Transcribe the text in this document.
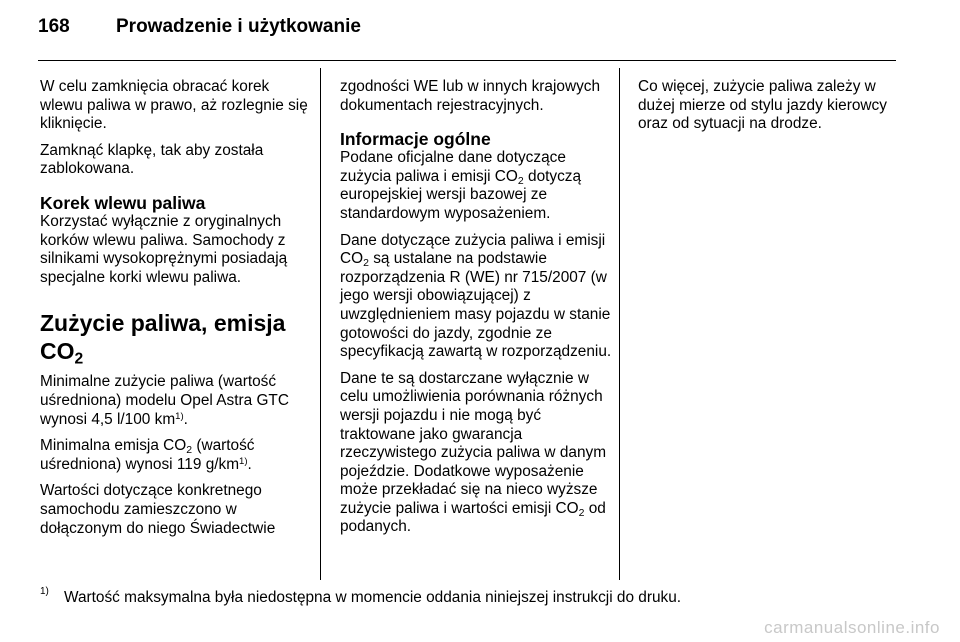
168	Prowadzenie i użytkowanie

W celu zamknięcia obracać korek wlewu paliwa w prawo, aż rozlegnie się kliknięcie.

Zamknąć klapkę, tak aby została zablokowana.

Korek wlewu paliwa

Korzystać wyłącznie z oryginalnych korków wlewu paliwa. Samochody z silnikami wysokoprężnymi posiadają specjalne korki wlewu paliwa.

Zużycie paliwa, emisja
$CO_2$

Minimalne zużycie paliwa (wartość uśredniona) modelu Opel Astra GTC wynosi 4,5 l/100 $km^{1)}$.

Minimalna emisja $CO_2$ (wartość uśredniona) wynosi 119 $g/km^{1)}$.

Wartości dotyczące konkretnego samochodu zamieszczono w dołączonym do niego Świadectwie

zgodności WE lub w innych krajowych dokumentach rejestracyjnych.

Informacje ogólne

Podane oficjalne dane dotyczące zużycia paliwa i emisji $CO_2$ dotyczą europejskiej wersji bazowej ze standardowym wyposażeniem.

Dane dotyczące zużycia paliwa i emisji $CO_2$ są ustalane na podstawie rozporządzenia R (WE) nr 715/2007 (w jego wersji obowiązującej) z uwzględnieniem masy pojazdu w stanie gotowości do jazdy, zgodnie ze specyfikacją zawartą w rozporządzeniu.

Dane te są dostarczane wyłącznie w celu umożliwienia porównania różnych wersji pojazdu i nie mogą być traktowane jako gwarancja rzeczywistego zużycia paliwa w danym pojeździe. Dodatkowe wyposażenie może przekładać się na nieco wyższe zużycie paliwa i wartości emisji $CO_2$ od podanych.

Co więcej, zużycie paliwa zależy w dużej mierze od stylu jazdy kierowcy oraz od sytuacji na drodze.

1) Wartość maksymalna była niedostępna w momencie oddania niniejszej instrukcji do druku.
carmanualsonline.info
